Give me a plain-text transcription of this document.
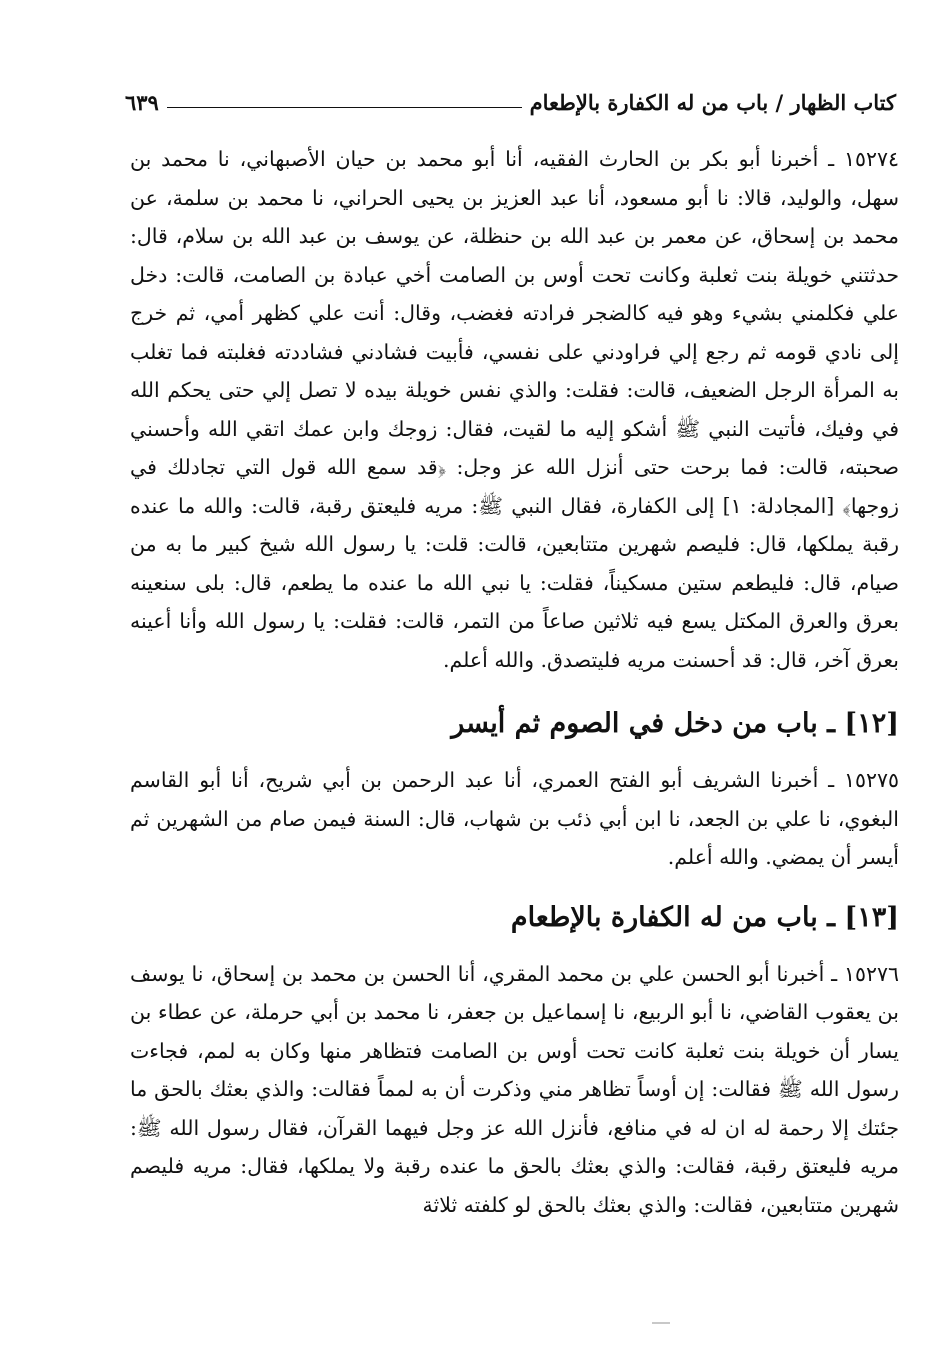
كتاب الظهار / باب من له الكفارة بالإطعام
٦٣٩

١٥٢٧٤ ـ أخبرنا أبو بكر بن الحارث الفقيه، أنا أبو محمد بن حيان الأصبهاني، نا محمد بن سهل، والوليد، قالا: نا أبو مسعود، أنا عبد العزيز بن يحيى الحراني، نا محمد بن سلمة، عن محمد بن إسحاق، عن معمر بن عبد الله بن حنظلة، عن يوسف بن عبد الله بن سلام، قال: حدثتني خويلة بنت ثعلبة وكانت تحت أوس بن الصامت أخي عبادة بن الصامت، قالت: دخل علي فكلمني بشيء وهو فيه كالضجر فرادته فغضب، وقال: أنت علي كظهر أمي، ثم خرج إلى نادي قومه ثم رجع إلي فراودني على نفسي، فأبيت فشادني فشاددته فغلبته فما تغلب به المرأة الرجل الضعيف، قالت: فقلت: والذي نفس خويلة بيده لا تصل إلي حتى يحكم الله في وفيك، فأتيت النبي ﷺ أشكو إليه ما لقيت، فقال: زوجك وابن عمك اتقي الله وأحسني صحبته، قالت: فما برحت حتى أنزل الله عز وجل: ﴿قد سمع الله قول التي تجادلك في زوجها﴾ [المجادلة: ١] إلى الكفارة، فقال النبي ﷺ: مريه فليعتق رقبة، قالت: والله ما عنده رقبة يملكها، قال: فليصم شهرين متتابعين، قالت: قلت: يا رسول الله شيخ كبير ما به من صيام، قال: فليطعم ستين مسكيناً، فقلت: يا نبي الله ما عنده ما يطعم، قال: بلى سنعينه بعرق والعرق المكتل يسع فيه ثلاثين صاعاً من التمر، قالت: فقلت: يا رسول الله وأنا أعينه بعرق آخر، قال: قد أحسنت مريه فليتصدق. والله أعلم.

[١٢] ـ باب من دخل في الصوم ثم أيسر

١٥٢٧٥ ـ أخبرنا الشريف أبو الفتح العمري، أنا عبد الرحمن بن أبي شريح، أنا أبو القاسم البغوي، نا علي بن الجعد، نا ابن أبي ذئب بن شهاب، قال: السنة فيمن صام من الشهرين ثم أيسر أن يمضي. والله أعلم.

[١٣] ـ باب من له الكفارة بالإطعام

١٥٢٧٦ ـ أخبرنا أبو الحسن علي بن محمد المقري، أنا الحسن بن محمد بن إسحاق، نا يوسف بن يعقوب القاضي، نا أبو الربيع، نا إسماعيل بن جعفر، نا محمد بن أبي حرملة، عن عطاء بن يسار أن خويلة بنت ثعلبة كانت تحت أوس بن الصامت فتظاهر منها وكان به لمم، فجاءت رسول الله ﷺ فقالت: إن أوساً تظاهر مني وذكرت أن به لمماً فقالت: والذي بعثك بالحق ما جئتك إلا رحمة له ان له في منافع، فأنزل الله عز وجل فيهما القرآن، فقال رسول الله ﷺ: مريه فليعتق رقبة، فقالت: والذي بعثك بالحق ما عنده رقبة ولا يملكها، فقال: مريه فليصم شهرين متتابعين، فقالت: والذي بعثك بالحق لو كلفته ثلاثة
